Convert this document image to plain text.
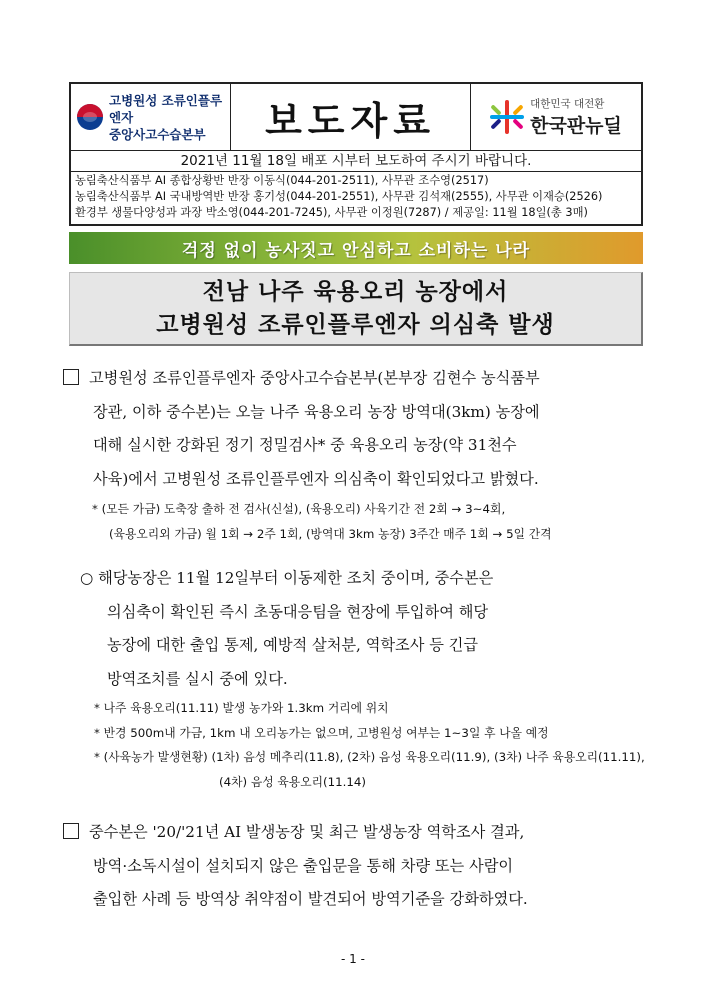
고병원성 조류인플루엔자
중앙사고수습본부	보도자료	대한민국 대전환
한국판뉴딜
2021년 11월 18일 배포 시부터 보도하여 주시기 바랍니다.
농림축산식품부 AI 종합상황반 반장 이동식(044-201-2511), 사무관 조수영(2517)
농림축산식품부 AI 국내방역반 반장 홍기성(044-201-2551), 사무관 김석재(2555), 사무관 이재승(2526)
환경부 생물다양성과 과장 박소영(044-201-7245), 사무관 이정원(7287) / 제공일: 11월 18일(총 3매)
걱정 없이 농사짓고 안심하고 소비하는 나라
전남 나주 육용오리 농장에서
고병원성 조류인플루엔자 의심축 발생
고병원성 조류인플루엔자 중앙사고수습본부(본부장 김현수 농식품부
장관, 이하 중수본)는 오늘 나주 육용오리 농장 방역대(3km) 농장에
대해 실시한 강화된 정기 정밀검사* 중 육용오리 농장(약 31천수
사육)에서 고병원성 조류인플루엔자 의심축이 확인되었다고 밝혔다.
* (모든 가금) 도축장 출하 전 검사(신설), (육용오리) 사육기간 전 2회 → 3~4회,
(육용오리외 가금) 월 1회 → 2주 1회, (방역대 3km 농장) 3주간 매주 1회 → 5일 간격
○ 해당농장은 11월 12일부터 이동제한 조치 중이며, 중수본은
의심축이 확인된 즉시 초동대응팀을 현장에 투입하여 해당
농장에 대한 출입 통제, 예방적 살처분, 역학조사 등 긴급
방역조치를 실시 중에 있다.
* 나주 육용오리(11.11) 발생 농가와 1.3km 거리에 위치
* 반경 500m내 가금, 1km 내 오리농가는 없으며, 고병원성 여부는 1~3일 후 나올 예정
* (사육농가 발생현황) (1차) 음성 메추리(11.8), (2차) 음성 육용오리(11.9), (3차) 나주 육용오리(11.11),
(4차) 음성 육용오리(11.14)
중수본은 '20/'21년 AI 발생농장 및 최근 발생농장 역학조사 결과,
방역·소독시설이 설치되지 않은 출입문을 통해 차량 또는 사람이
출입한 사례 등 방역상 취약점이 발견되어 방역기준을 강화하였다.
- 1 -
